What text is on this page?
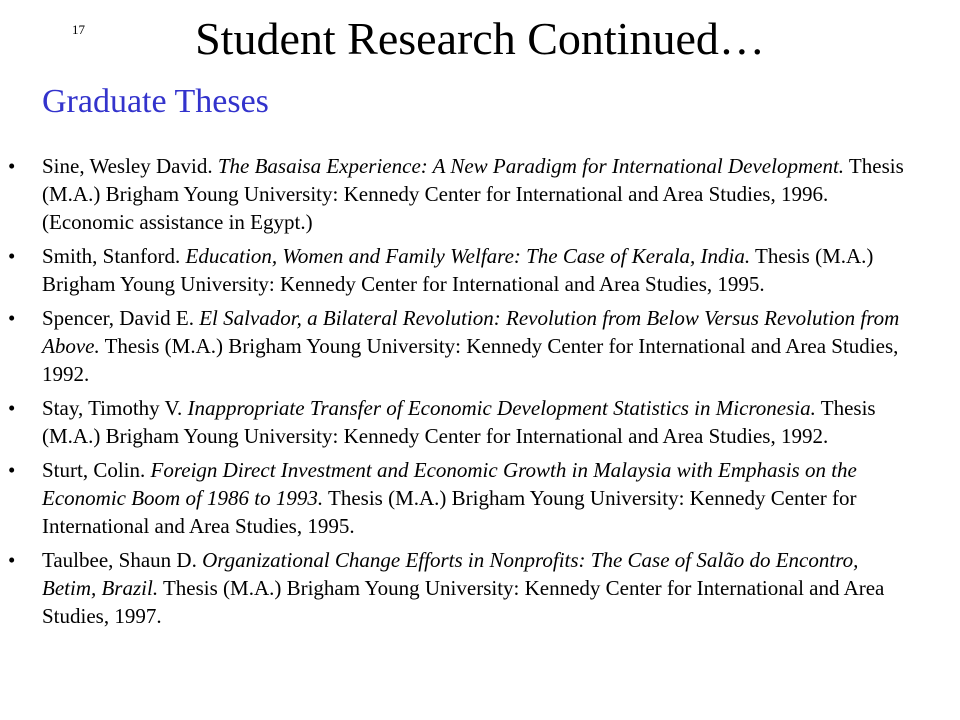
17	Student Research Continued…
Graduate Theses
• Sine, Wesley David. The Basaisa Experience: A New Paradigm for International Development. Thesis (M.A.) Brigham Young University: Kennedy Center for International and Area Studies, 1996. (Economic assistance in Egypt.)
• Smith, Stanford. Education, Women and Family Welfare: The Case of Kerala, India. Thesis (M.A.) Brigham Young University: Kennedy Center for International and Area Studies, 1995.
• Spencer, David E. El Salvador, a Bilateral Revolution: Revolution from Below Versus Revolution from Above. Thesis (M.A.) Brigham Young University: Kennedy Center for International and Area Studies, 1992.
• Stay, Timothy V. Inappropriate Transfer of Economic Development Statistics in Micronesia. Thesis (M.A.) Brigham Young University: Kennedy Center for International and Area Studies, 1992.
• Sturt, Colin. Foreign Direct Investment and Economic Growth in Malaysia with Emphasis on the Economic Boom of 1986 to 1993. Thesis (M.A.) Brigham Young University: Kennedy Center for International and Area Studies, 1995.
• Taulbee, Shaun D. Organizational Change Efforts in Nonprofits: The Case of Salão do Encontro, Betim, Brazil. Thesis (M.A.) Brigham Young University: Kennedy Center for International and Area Studies, 1997.
